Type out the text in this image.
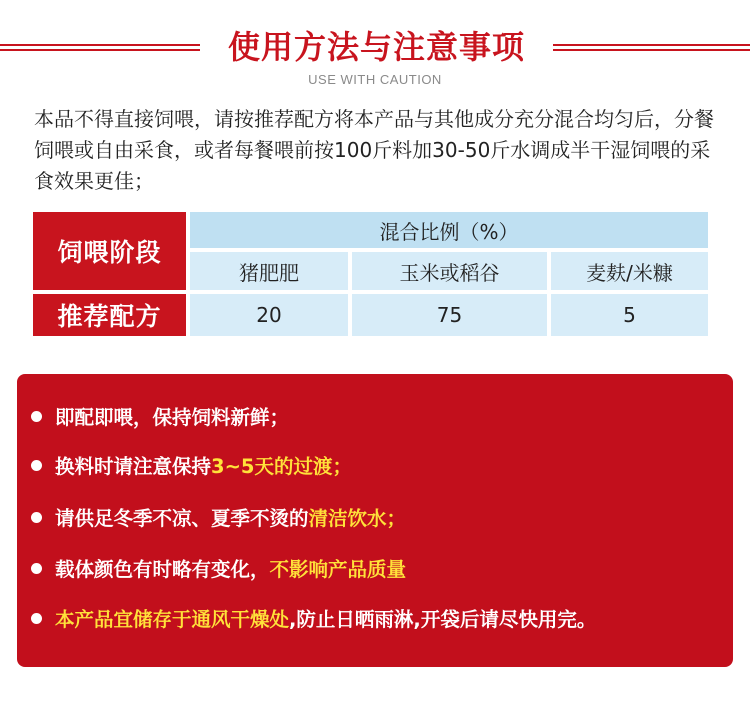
使用方法与注意事项
USE WITH CAUTION
本品不得直接饲喂，请按推荐配方将本产品与其他成分充分混合均匀后，分餐饲喂或自由采食，或者每餐喂前按100斤料加30-50斤水调成半干湿饲喂的采食效果更佳；
饲喂阶段
混合比例（%）
猪肥肥	玉米或稻谷	麦麸/米糠
推荐配方	20	75	5
即配即喂，保持饲料新鲜；
换料时请注意保持 3~5天的过渡；
请供足冬季不凉、夏季不烫的 清洁饮水；
载体颜色有时略有变化， 不影响产品质量
本产品宜储存于通风干燥处 ,防止日晒雨淋,开袋后请尽快用完。
